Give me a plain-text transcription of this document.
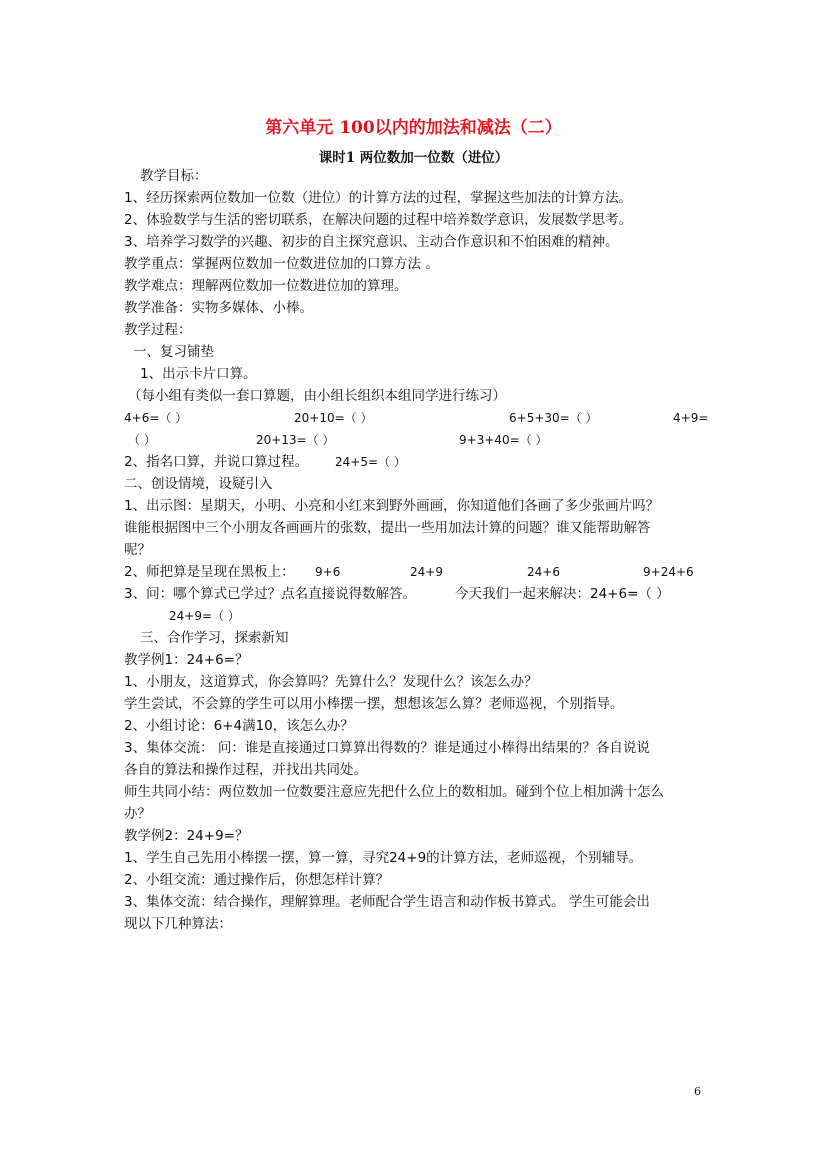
第六单元 100以内的加法和减法（二）
课时1 两位数加一位数（进位）
教学目标：
1、经历探索两位数加一位数（进位）的计算方法的过程，掌握这些加法的计算方法。
2、体验数学与生活的密切联系，在解决问题的过程中培养数学意识，发展数学思考。
3、培养学习数学的兴趣、初步的自主探究意识、主动合作意识和不怕困难的精神。
教学重点：掌握两位数加一位数进位加的口算方法 。
教学难点：理解两位数加一位数进位加的算理。
教学准备：实物多媒体、小棒。
教学过程：
一、复习铺垫
1、出示卡片口算。
（每小组有类似一套口算题，由小组长组织本组同学进行练习）
4+6=（ ）	20+10=（ ）	6+5+30=（ ）	4+9=
（ ）	20+13=（ ）	9+3+40=（ ）
2、指名口算，并说口算过程。 24+5=（ ）
二、创设情境，设疑引入
1、出示图：星期天，小明、小亮和小红来到野外画画，你知道他们各画了多少张画片吗？
谁能根据图中三个小朋友各画画片的张数，提出一些用加法计算的问题？谁又能帮助解答
呢？
2、师把算是呈现在黑板上： 9+6	24+9	24+6	9+24+6
3、问：哪个算式已学过？点名直接说得数解答。	今天我们一起来解决：24+6=（ ）
24+9=（ ）
三、合作学习，探索新知
教学例1：24+6=？
1、小朋友，这道算式，你会算吗？先算什么？发现什么？该怎么办？
学生尝试，不会算的学生可以用小棒摆一摆，想想该怎么算？老师巡视，个别指导。
2、小组讨论：6+4满10，该怎么办？
3、集体交流： 问：谁是直接通过口算算出得数的？谁是通过小棒得出结果的？各自说说
各自的算法和操作过程，并找出共同处。
师生共同小结：两位数加一位数要注意应先把什么位上的数相加。碰到个位上相加满十怎么
办？
教学例2：24+9=？
1、学生自己先用小棒摆一摆，算一算，寻究24+9的计算方法，老师巡视，个别辅导。
2、小组交流：通过操作后，你想怎样计算？
3、集体交流：结合操作，理解算理。老师配合学生语言和动作板书算式。 学生可能会出
现以下几种算法：
6
